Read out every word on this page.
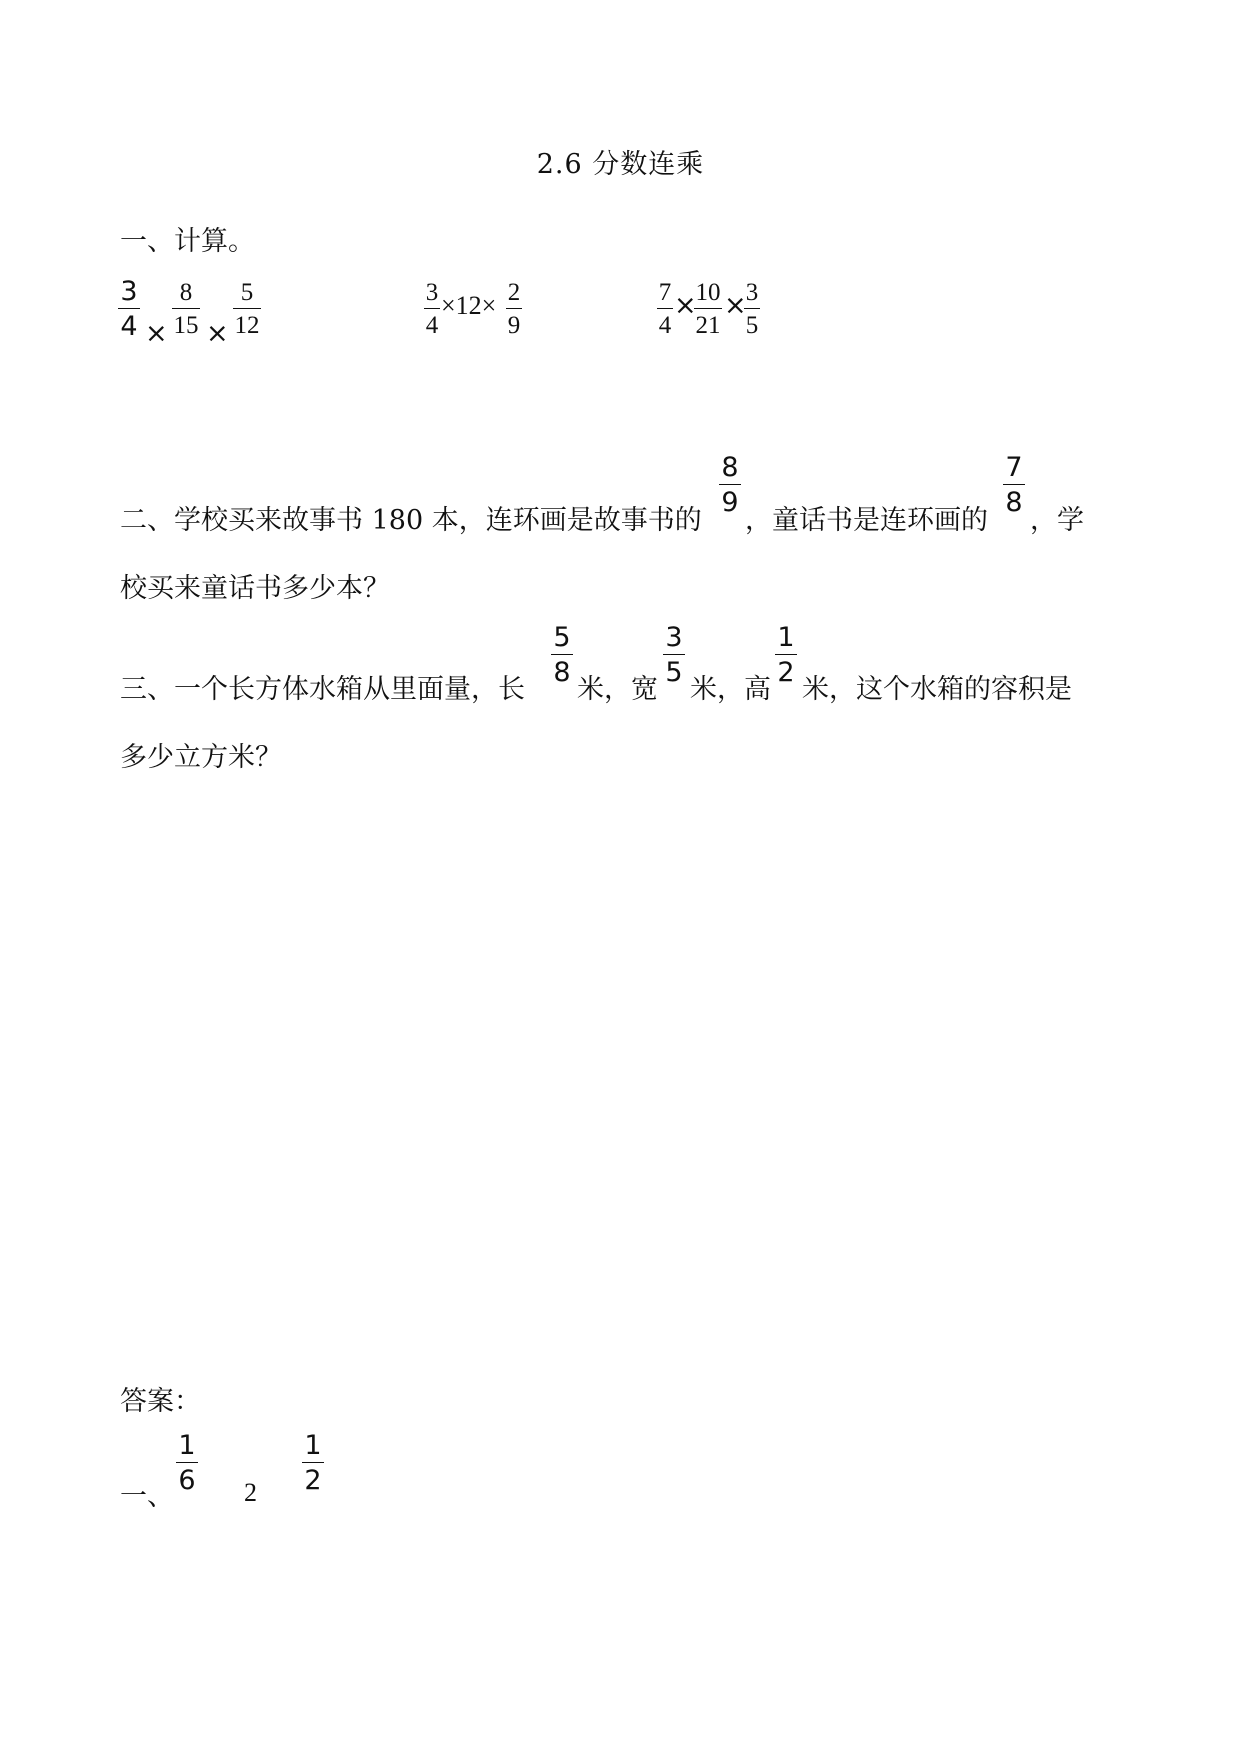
2.6 分数连乘
一、计算。
3
4 ×
8
15 ×
5
12
3
4
×12× 2
9
7
4
×
10
21
× 3
5
二、学校买来故事书 180 本，连环画是故事书的
8
9
，童话书是连环画的
7
8
，学
校买来童话书多少本？
三、一个长方体水箱从里面量，长
5
8
米，宽
3
5
米，高
1
2
米，这个水箱的容积是
多少立方米？
答案：
一、
1
6 2
1
2
